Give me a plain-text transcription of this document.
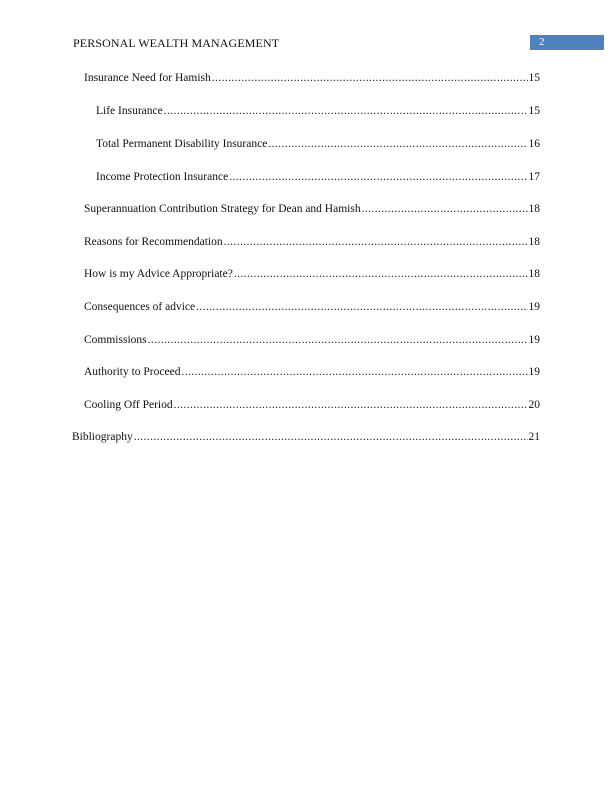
PERSONAL WEALTH MANAGEMENT	2
Insurance Need for Hamish .....	15
Life Insurance .....	15
Total Permanent Disability Insurance .....	16
Income Protection Insurance .....	17
Superannuation Contribution Strategy for Dean and Hamish .....	18
Reasons for Recommendation .....	18
How is my Advice Appropriate? .....	18
Consequences of advice .....	19
Commissions .....	19
Authority to Proceed .....	19
Cooling Off Period .....	20
Bibliography .....	21
